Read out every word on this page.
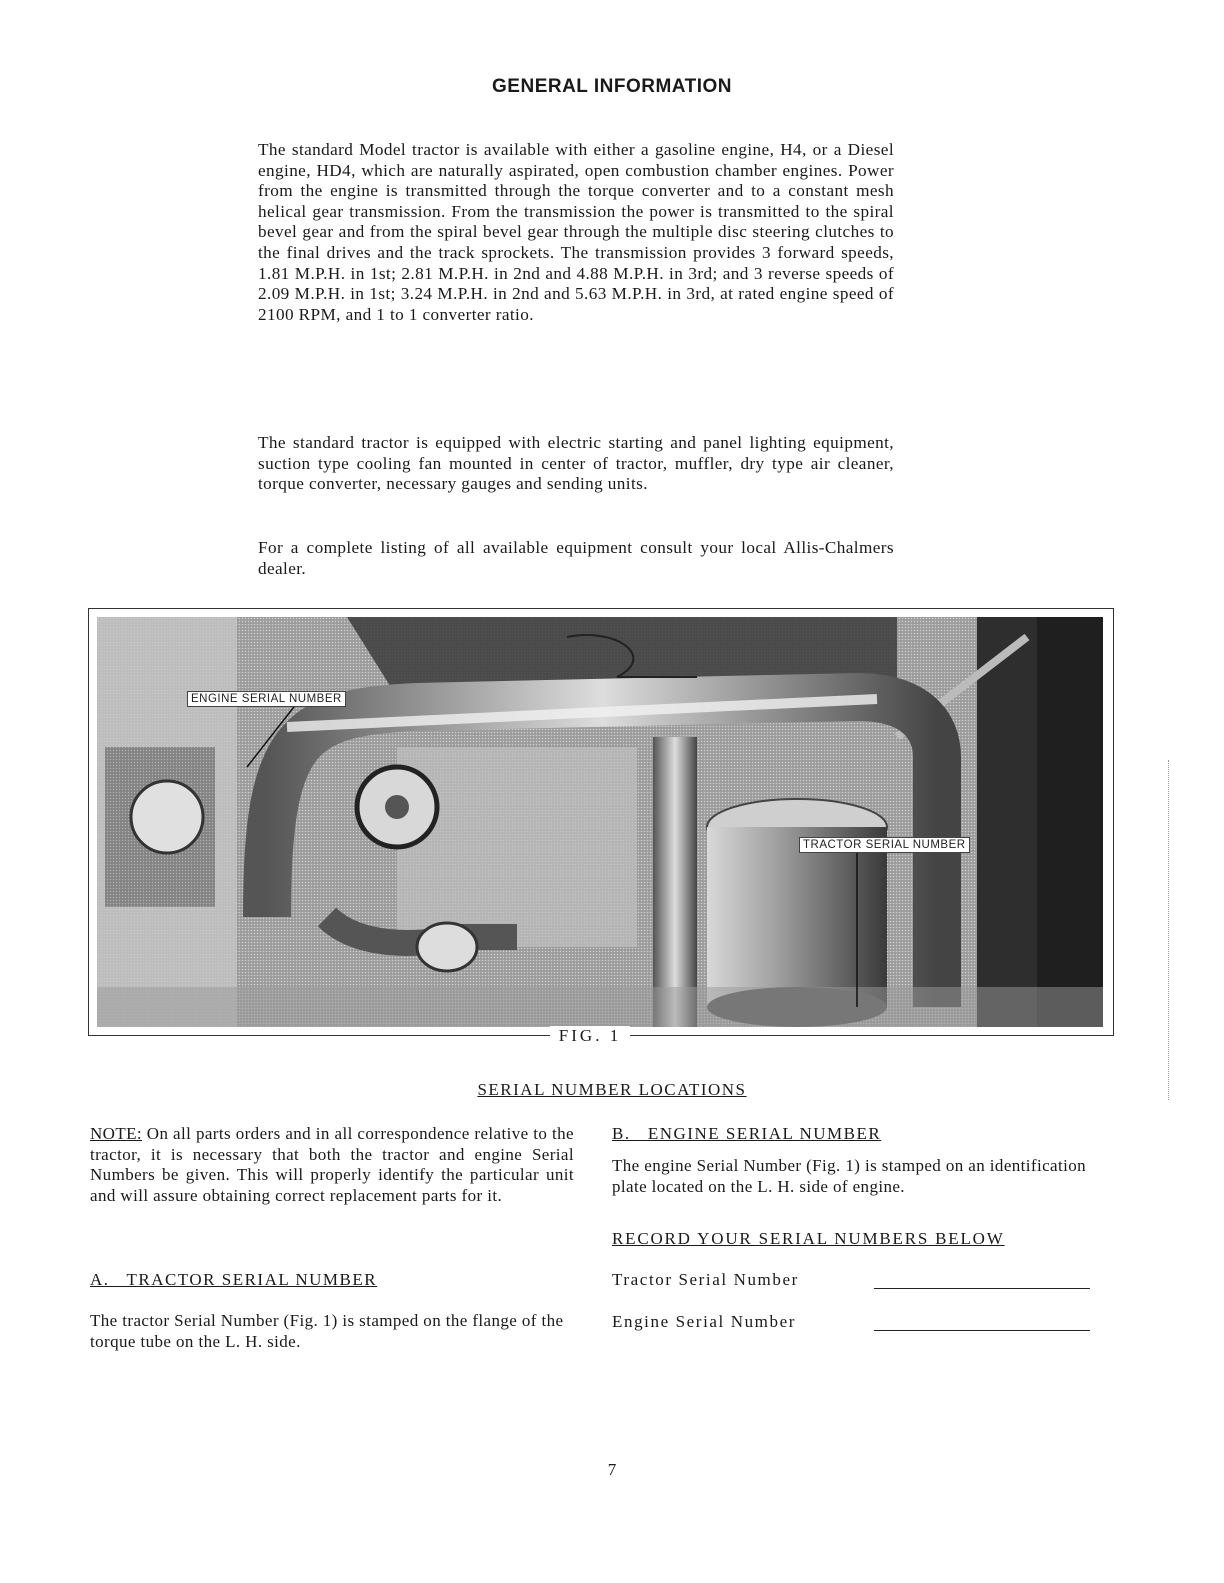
GENERAL INFORMATION

The standard Model tractor is available with either a gasoline engine, H4, or a Diesel engine, HD4, which are naturally aspirated, open combustion chamber engines. Power from the engine is transmitted through the torque converter and to a constant mesh helical gear transmission. From the transmission the power is transmitted to the spiral bevel gear and from the spiral bevel gear through the multiple disc steering clutches to the final drives and the track sprockets. The transmission provides 3 forward speeds, 1.81 M.P.H. in 1st; 2.81 M.P.H. in 2nd and 4.88 M.P.H. in 3rd; and 3 reverse speeds of 2.09 M.P.H. in 1st; 3.24 M.P.H. in 2nd and 5.63 M.P.H. in 3rd, at rated engine speed of 2100 RPM, and 1 to 1 converter ratio.

The standard tractor is equipped with electric starting and panel lighting equipment, suction type cooling fan mounted in center of tractor, muffler, dry type air cleaner, torque converter, necessary gauges and sending units.

For a complete listing of all available equipment consult your local Allis-Chalmers dealer.

ENGINE SERIAL NUMBER
TRACTOR SERIAL NUMBER
FIG. 1
SERIAL NUMBER LOCATIONS
NOTE: On all parts orders and in all correspondence relative to the tractor, it is necessary that both the tractor and engine Serial Numbers be given. This will properly identify the particular unit and will assure obtaining correct replacement parts for it.
A.   TRACTOR SERIAL NUMBER
The tractor Serial Number (Fig. 1) is stamped on the flange of the torque tube on the L. H. side.
B.   ENGINE SERIAL NUMBER
The engine Serial Number (Fig. 1) is stamped on an identification plate located on the L. H. side of engine.
RECORD YOUR SERIAL NUMBERS BELOW
Tractor Serial Number
Engine Serial Number
7
